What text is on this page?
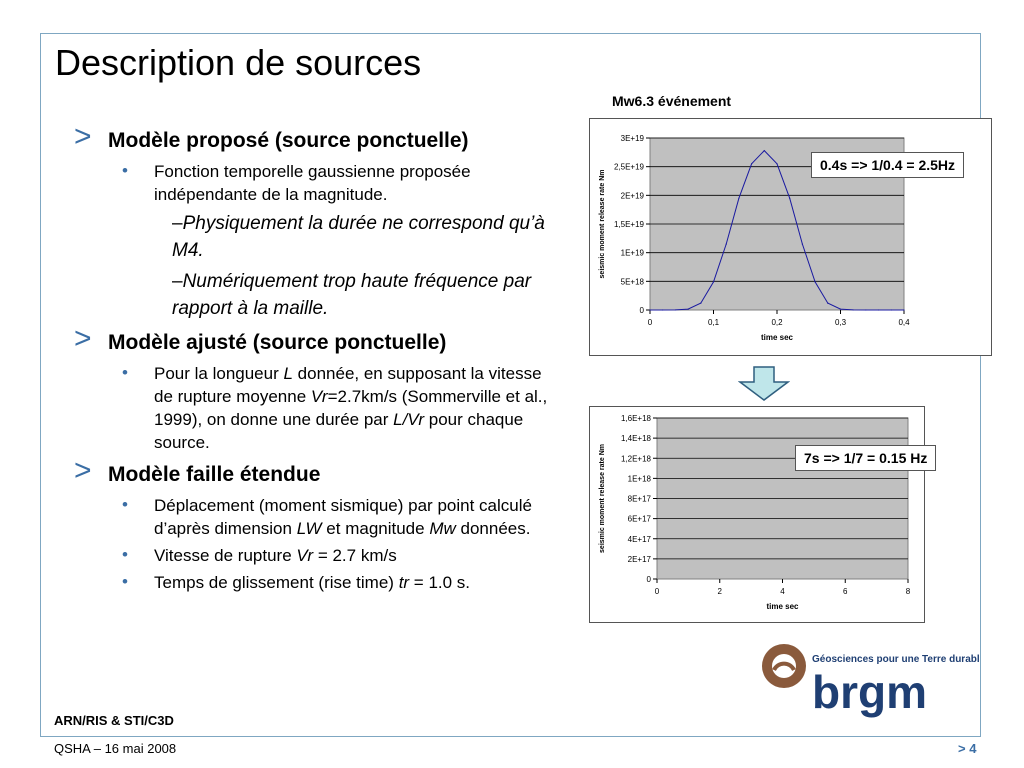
Description de sources
> Modèle proposé (source ponctuelle)
• Fonction temporelle gaussienne proposée indépendante de la magnitude.
–Physiquement la durée ne correspond qu’à M4.
–Numériquement trop haute fréquence par rapport à la maille.
> Modèle ajusté (source ponctuelle)
• Pour la longueur L donnée, en supposant la vitesse de rupture moyenne Vr=2.7km/s (Sommerville et al., 1999), on donne une durée par L/Vr pour chaque source.
> Modèle faille étendue
• Déplacement (moment sismique) par point calculé d’après dimension LW et magnitude Mw données.
• Vitesse de rupture Vr = 2.7 km/s
• Temps de glissement (rise time) tr = 1.0 s.
Mw6.3 événement
0
5E+18
1E+19
1,5E+19
2E+19
2,5E+19
3E+19
0	0,1	0,2	0,3	0,4
time sec
seismic moment release rate Nm
0.4s => 1/0.4 = 2.5Hz
0
2E+17
4E+17
6E+17
8E+17
1E+18
1,2E+18
1,4E+18
1,6E+18
0	2	4	6	8
time sec
seismic moment release rate Nm	7s => 1/7 = 0.15 Hz
Géosciences pour une Terre durable
brgm
ARN/RIS & STI/C3D
QSHA – 16 mai 2008	> 4
